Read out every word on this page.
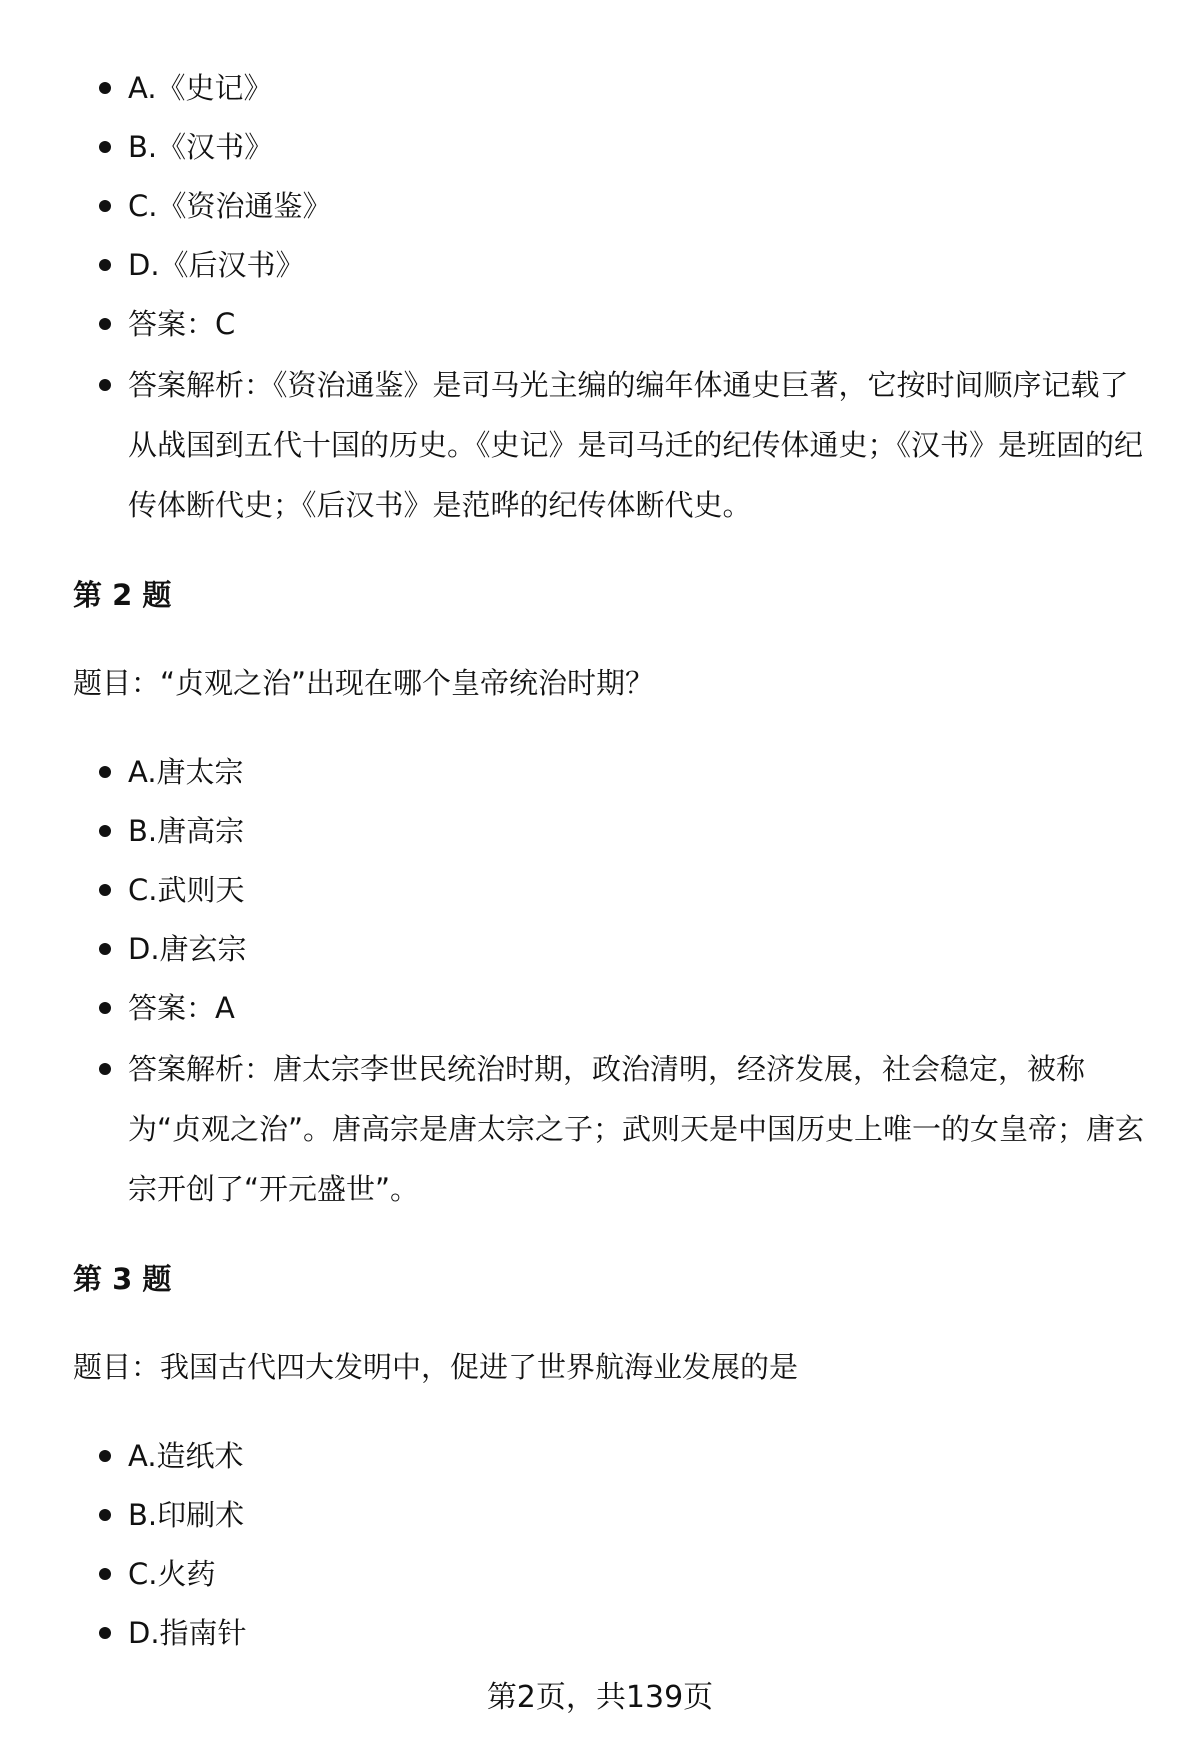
A.《史记》
B.《汉书》
C.《资治通鉴》
D.《后汉书》
答案：C
答案解析：《资治通鉴》是司马光主编的编年体通史巨著，它按时间顺序记载了从战国到五代十国的历史。《史记》是司马迁的纪传体通史；《汉书》是班固的纪传体断代史；《后汉书》是范晔的纪传体断代史。
第 2 题
题目：“贞观之治”出现在哪个皇帝统治时期？
A.唐太宗
B.唐高宗
C.武则天
D.唐玄宗
答案：A
答案解析：唐太宗李世民统治时期，政治清明，经济发展，社会稳定，被称为“贞观之治”。唐高宗是唐太宗之子；武则天是中国历史上唯一的女皇帝；唐玄宗开创了“开元盛世”。
第 3 题
题目：我国古代四大发明中，促进了世界航海业发展的是
A.造纸术
B.印刷术
C.火药
D.指南针
第2页，共139页
